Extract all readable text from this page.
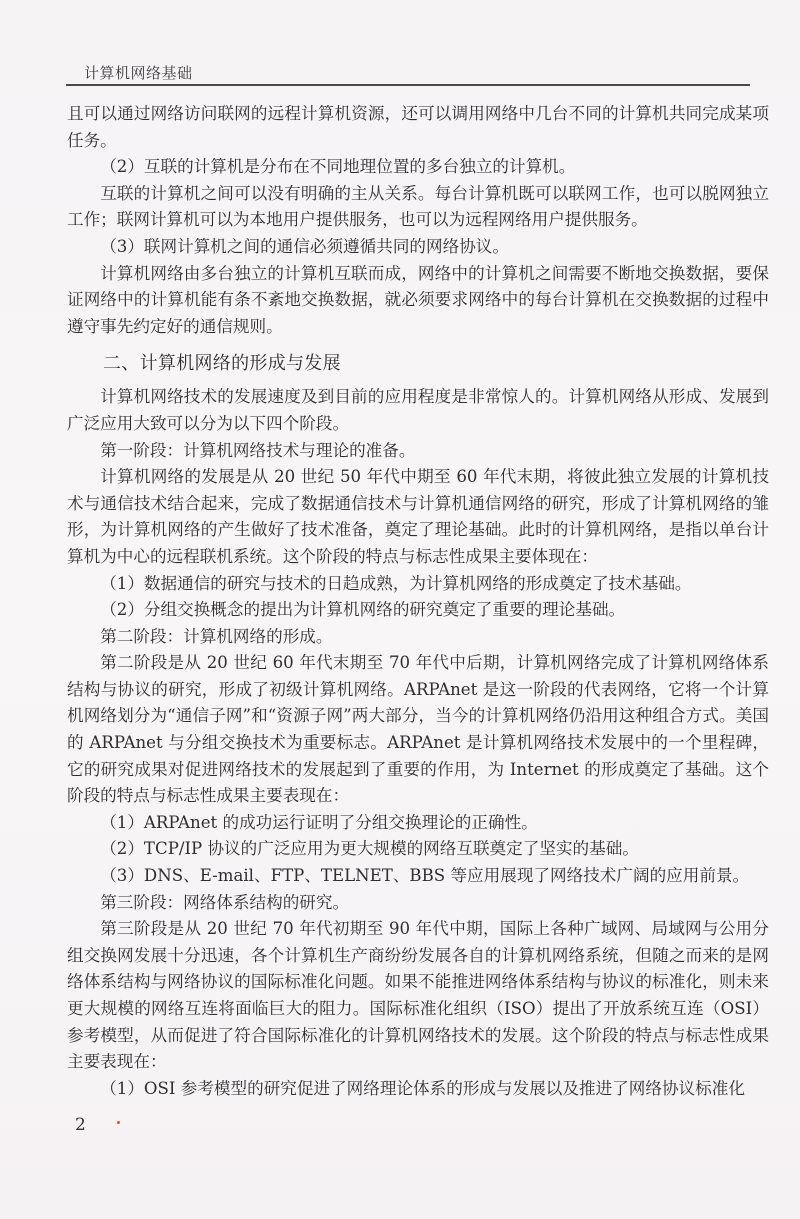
计算机网络基础

且可以通过网络访问联网的远程计算机资源，还可以调用网络中几台不同的计算机共同完成某项任务。

（2）互联的计算机是分布在不同地理位置的多台独立的计算机。

互联的计算机之间可以没有明确的主从关系。每台计算机既可以联网工作，也可以脱网独立工作；联网计算机可以为本地用户提供服务，也可以为远程网络用户提供服务。

（3）联网计算机之间的通信必须遵循共同的网络协议。

计算机网络由多台独立的计算机互联而成，网络中的计算机之间需要不断地交换数据，要保证网络中的计算机能有条不紊地交换数据，就必须要求网络中的每台计算机在交换数据的过程中遵守事先约定好的通信规则。

二、计算机网络的形成与发展

计算机网络技术的发展速度及到目前的应用程度是非常惊人的。计算机网络从形成、发展到广泛应用大致可以分为以下四个阶段。

第一阶段：计算机网络技术与理论的准备。

计算机网络的发展是从 20 世纪 50 年代中期至 60 年代末期，将彼此独立发展的计算机技术与通信技术结合起来，完成了数据通信技术与计算机通信网络的研究，形成了计算机网络的雏形，为计算机网络的产生做好了技术准备，奠定了理论基础。此时的计算机网络，是指以单台计算机为中心的远程联机系统。这个阶段的特点与标志性成果主要体现在：

（1）数据通信的研究与技术的日趋成熟，为计算机网络的形成奠定了技术基础。

（2）分组交换概念的提出为计算机网络的研究奠定了重要的理论基础。

第二阶段：计算机网络的形成。

第二阶段是从 20 世纪 60 年代末期至 70 年代中后期，计算机网络完成了计算机网络体系结构与协议的研究，形成了初级计算机网络。ARPAnet 是这一阶段的代表网络，它将一个计算机网络划分为“通信子网”和“资源子网”两大部分，当今的计算机网络仍沿用这种组合方式。美国的 ARPAnet 与分组交换技术为重要标志。ARPAnet 是计算机网络技术发展中的一个里程碑，它的研究成果对促进网络技术的发展起到了重要的作用，为 Internet 的形成奠定了基础。这个阶段的特点与标志性成果主要表现在：

（1）ARPAnet 的成功运行证明了分组交换理论的正确性。

（2）TCP/IP 协议的广泛应用为更大规模的网络互联奠定了坚实的基础。

（3）DNS、E-mail、FTP、TELNET、BBS 等应用展现了网络技术广阔的应用前景。

第三阶段：网络体系结构的研究。

第三阶段是从 20 世纪 70 年代初期至 90 年代中期，国际上各种广域网、局域网与公用分组交换网发展十分迅速，各个计算机生产商纷纷发展各自的计算机网络系统，但随之而来的是网络体系结构与网络协议的国际标准化问题。如果不能推进网络体系结构与协议的标准化，则未来更大规模的网络互连将面临巨大的阻力。国际标准化组织（ISO）提出了开放系统互连（OSI）参考模型，从而促进了符合国际标准化的计算机网络技术的发展。这个阶段的特点与标志性成果主要表现在：

（1）OSI 参考模型的研究促进了网络理论体系的形成与发展以及推进了网络协议标准化

2
